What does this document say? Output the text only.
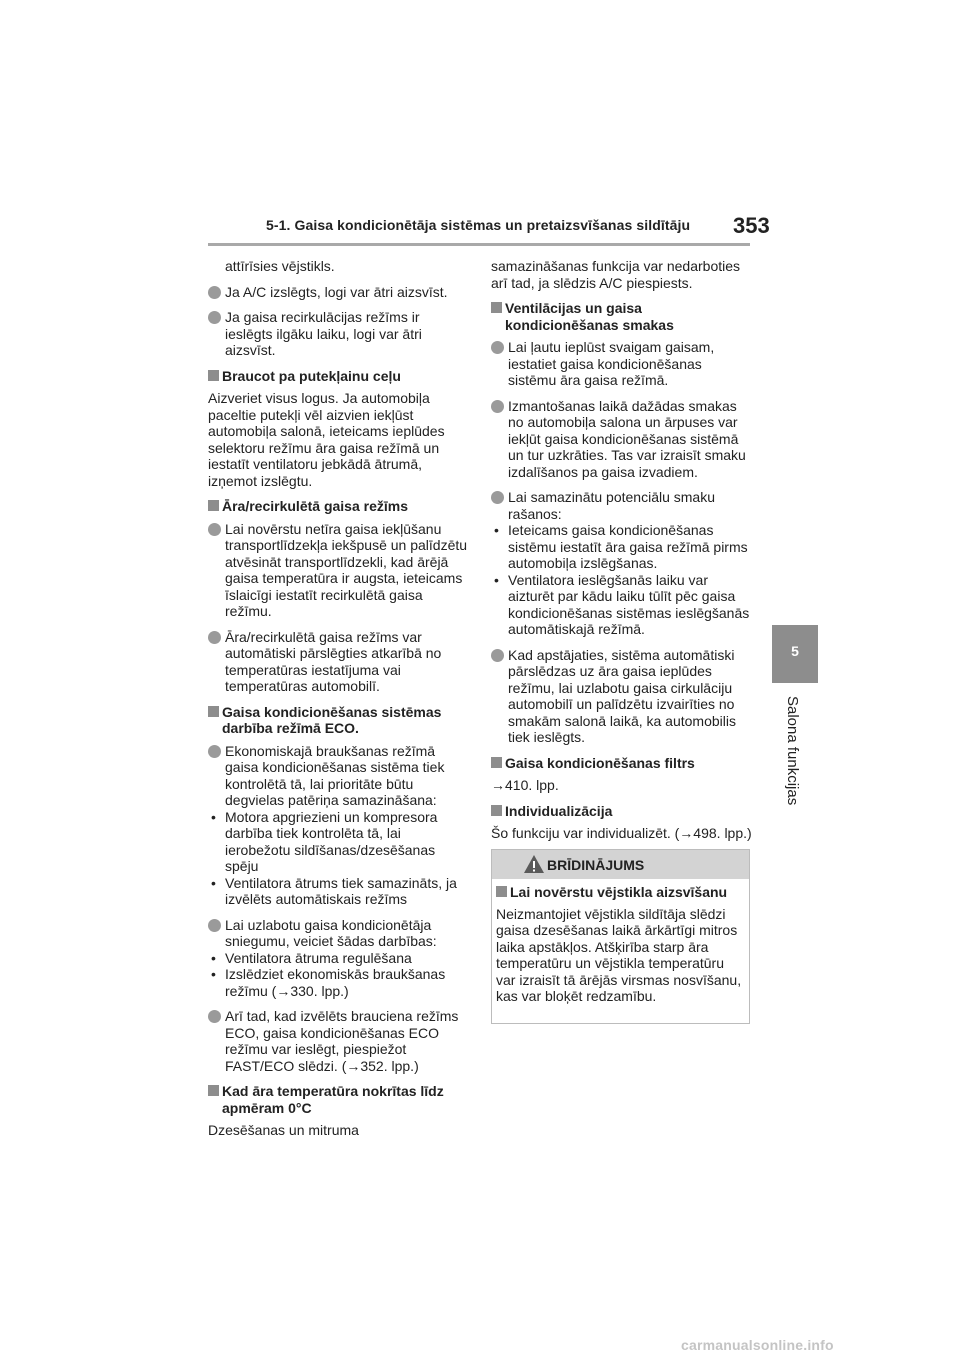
5-1. Gaisa kondicionētāja sistēmas un pretaizsvīšanas sildītāju 353
5
Salona funkcijas
attīrīsies vējstikls.
Ja A/C izslēgts, logi var ātri aizsvīst.
Ja gaisa recirkulācijas režīms ir ieslēgts ilgāku laiku, logi var ātri aizsvīst.
Braucot pa putekļainu ceļu
Aizveriet visus logus. Ja automobiļa paceltie putekļi vēl aizvien iekļūst automobiļa salonā, ieteicams ieplūdes selektoru režīmu āra gaisa režīmā un iestatīt ventilatoru jebkādā ātrumā, izņemot izslēgtu.
Āra/recirkulētā gaisa režīms
Lai novērstu netīra gaisa iekļūšanu transportlīdzekļa iekšpusē un palīdzētu atvēsināt transportlīdzekli, kad ārējā gaisa temperatūra ir augsta, ieteicams īslaicīgi iestatīt recirkulētā gaisa režīmu.
Āra/recirkulētā gaisa režīms var automātiski pārslēgties atkarībā no temperatūras iestatījuma vai temperatūras automobilī.
Gaisa kondicionēšanas sistēmas darbība režīmā ECO.
Ekonomiskajā braukšanas režīmā gaisa kondicionēšanas sistēma tiek kontrolētā tā, lai prioritāte būtu degvielas patēriņa samazināšana:
• Motora apgriezieni un kompresora darbība tiek kontrolēta tā, lai ierobežotu sildīšanas/dzesēšanas spēju
• Ventilatora ātrums tiek samazināts, ja izvēlēts automātiskais režīms
Lai uzlabotu gaisa kondicionētāja sniegumu, veiciet šādas darbības:
• Ventilatora ātruma regulēšana
• Izslēdziet ekonomiskās braukšanas režīmu (→330. lpp.)
Arī tad, kad izvēlēts brauciena režīms ECO, gaisa kondicionēšanas ECO režīmu var ieslēgt, piespiežot FAST/ECO slēdzi. (→352. lpp.)
Kad āra temperatūra nokrītas līdz apmēram 0°C
Dzesēšanas un mitruma
samazināšanas funkcija var nedarboties arī tad, ja slēdzis A/C piespiests.
Ventilācijas un gaisa kondicionēšanas smakas
Lai ļautu ieplūst svaigam gaisam, iestatiet gaisa kondicionēšanas sistēmu āra gaisa režīmā.
Izmantošanas laikā dažādas smakas no automobiļa salona un ārpuses var iekļūt gaisa kondicionēšanas sistēmā un tur uzkrāties. Tas var izraisīt smaku izdalīšanos pa gaisa izvadiem.
Lai samazinātu potenciālu smaku rašanos:
• Ieteicams gaisa kondicionēšanas sistēmu iestatīt āra gaisa režīmā pirms automobiļa izslēgšanas.
• Ventilatora ieslēgšanās laiku var aizturēt par kādu laiku tūlīt pēc gaisa kondicionēšanas sistēmas ieslēgšanās automātiskajā režīmā.
Kad apstājaties, sistēma automātiski pārslēdzas uz āra gaisa ieplūdes režīmu, lai uzlabotu gaisa cirkulāciju automobilī un palīdzētu izvairīties no smakām salonā laikā, ka automobilis tiek ieslēgts.
Gaisa kondicionēšanas filtrs
→410. lpp.
Individualizācija
Šo funkciju var individualizēt. (→498. lpp.)
BRĪDINĀJUMS
Lai novērstu vējstikla aizsvīšanu
Neizmantojiet vējstikla sildītāja slēdzi gaisa dzesēšanas laikā ārkārtīgi mitros laika apstākļos. Atšķirība starp āra temperatūru un vējstikla temperatūru var izraisīt tā ārējās virsmas nosvīšanu, kas var bloķēt redzamību.
carmanualsonline.info
